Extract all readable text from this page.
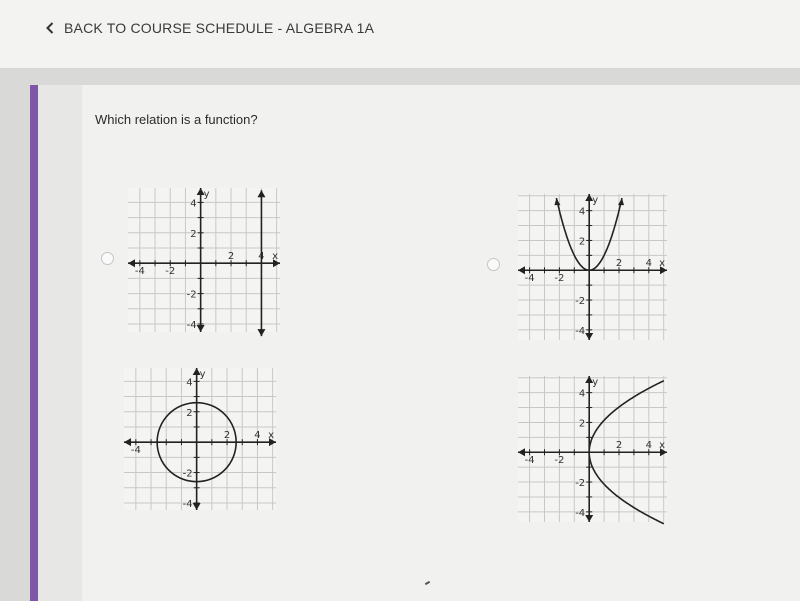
BACK TO COURSE SCHEDULE - ALGEBRA 1A
Which relation is a function?
-4 -2
2 4
4
2
-2
-4
x
y
-4 -2
2 4
4
2
-2
-4
x
y
-4
2 4
4
2
-2
-4
x
y
-4 -2
2 4
4
2
-2
-4
x
y
